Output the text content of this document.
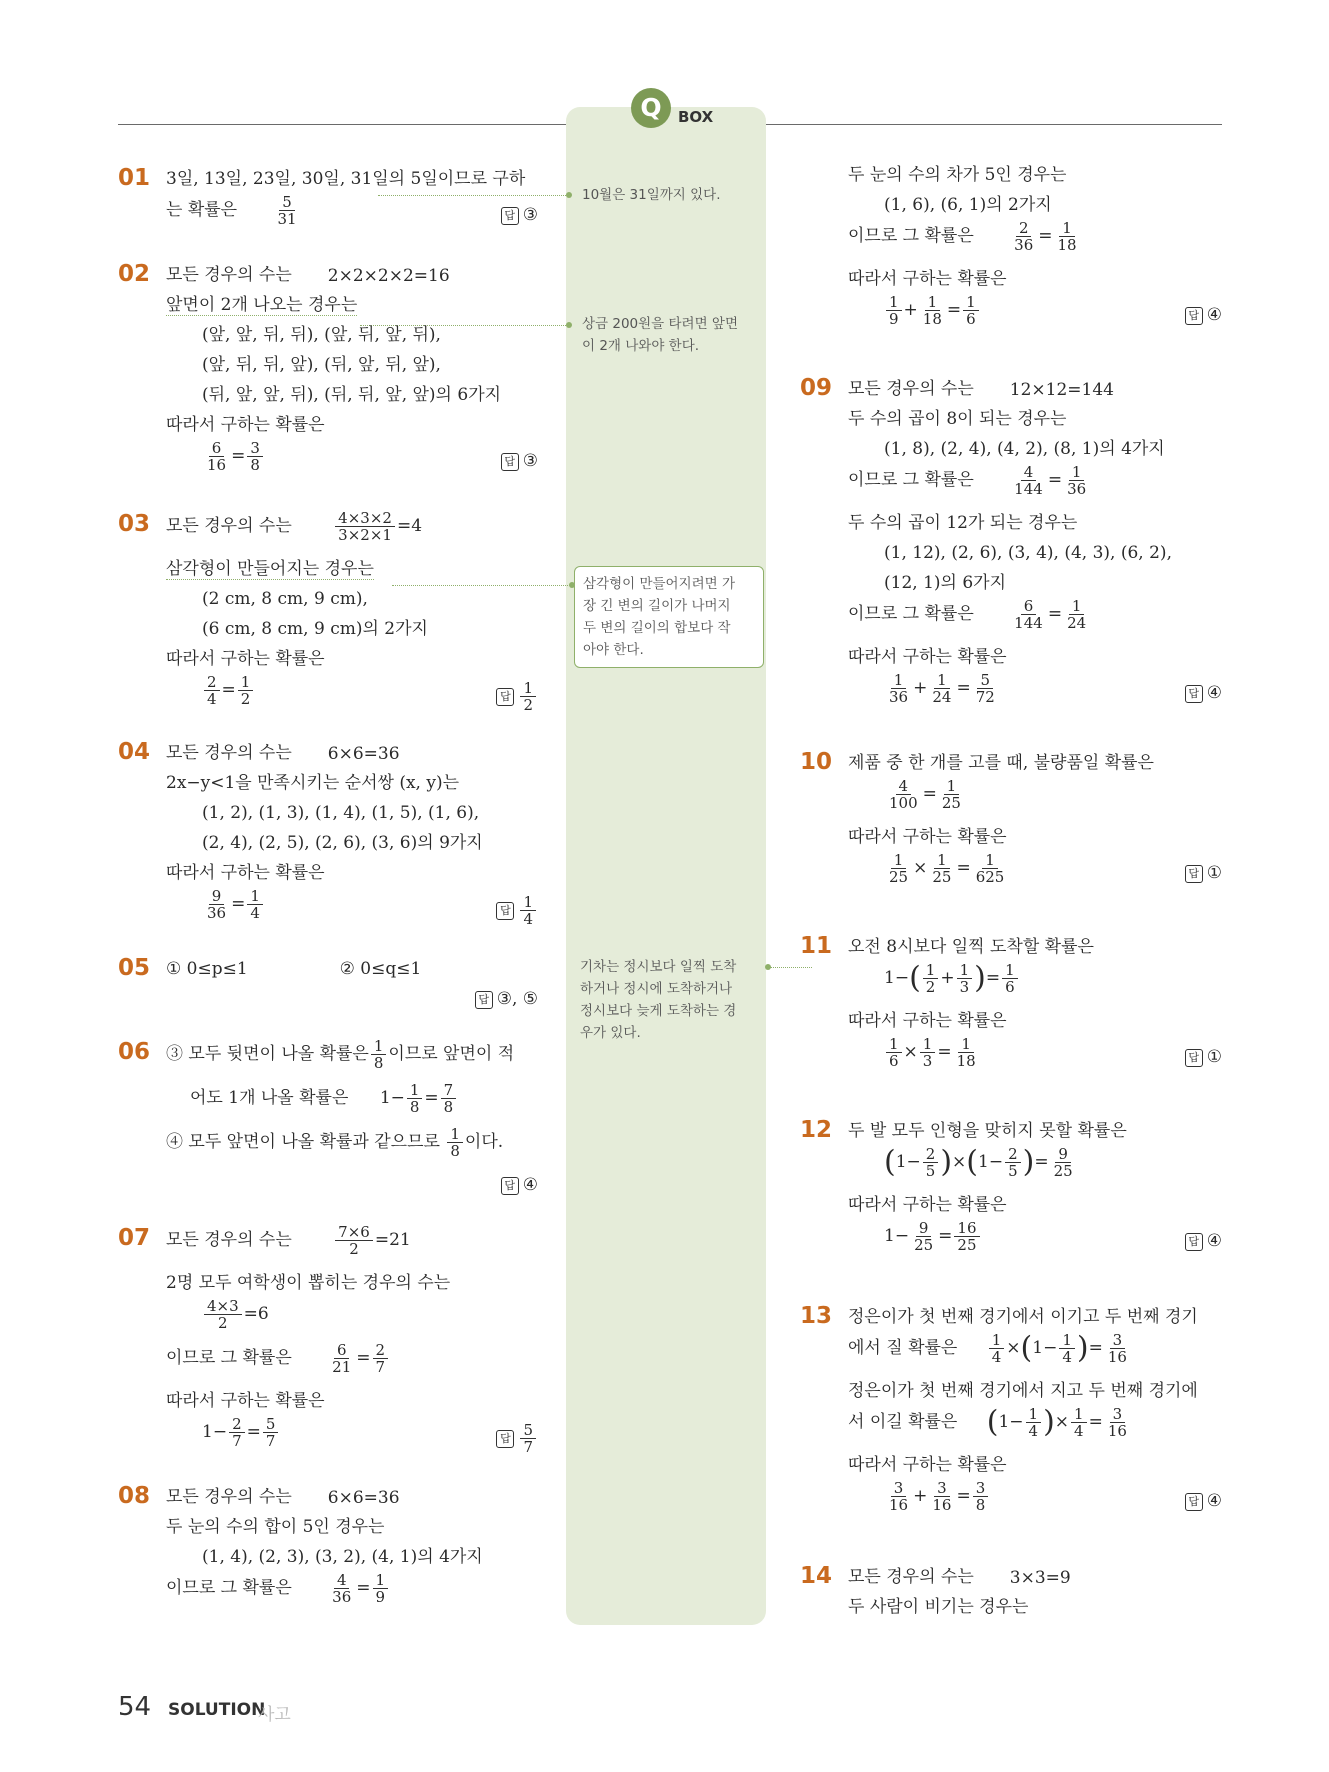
Q	BOX
10월은 31일까지 있다.
상금 200원을 타려면 앞면
이 2개 나와야 한다.
삼각형이 만들어지려면 가
장 긴 변의 길이가 나머지
두 변의 길이의 합보다 작
아야 한다.
기차는 정시보다 일찍 도착
하거나 정시에 도착하거나
정시보다 늦게 도착하는 경
우가 있다.
01 3일, 13일, 23일, 30일, 31일의 5일이므로 구하
는 확률은 $\frac{5}{31}$	답 ③
02 모든 경우의 수는 2×2×2×2=16
앞면이 2개 나오는 경우는
(앞, 앞, 뒤, 뒤), (앞, 뒤, 앞, 뒤),
(앞, 뒤, 뒤, 앞), (뒤, 앞, 뒤, 앞),
(뒤, 앞, 앞, 뒤), (뒤, 뒤, 앞, 앞)의 6가지
따라서 구하는 확률은
$\frac{6}{16} = \frac{3}{8}$	답 ③
03 모든 경우의 수는	$\frac{4\times 3\times 2}{3\times 2\times 1} =4$
삼각형이 만들어지는 경우는
(2 cm, 8 cm, 9 cm),
(6 cm, 8 cm, 9 cm)의 2가지
따라서 구하는 확률은
$\frac{2}{4} = \frac{1}{2}$	답 $\frac{1}{2}$
04 모든 경우의 수는 6×6=36
2x−y<1을 만족시키는 순서쌍 (x, y)는
(1, 2), (1, 3), (1, 4), (1, 5), (1, 6),
(2, 4), (2, 5), (2, 6), (3, 6)의 9가지
따라서 구하는 확률은
$\frac{9}{36} = \frac{1}{4}$	답 $\frac{1}{4}$
05 ① 0≤p≤1	② 0≤q≤1
답 ③, ⑤
06 ③ 모두 뒷면이 나올 확률은 $\frac{1}{8}$ 이므로 앞면이 적
어도 1개 나올 확률은 $1- \frac{1}{8} = \frac{7}{8}$
④ 모두 앞면이 나올 확률과 같으므로 $\frac{1}{8}$ 이다.
답 ④
07 모든 경우의 수는	$\frac{7\times 6}{2} =21$
2명 모두 여학생이 뽑히는 경우의 수는
$\frac{4\times 3}{2} =6$
이므로 그 확률은 $\frac{6}{21} = \frac{2}{7}$
따라서 구하는 확률은
$1- \frac{2}{7} = \frac{5}{7}$	답 $\frac{5}{7}$
08 모든 경우의 수는 6×6=36
두 눈의 수의 합이 5인 경우는
(1, 4), (2, 3), (3, 2), (4, 1)의 4가지
이므로 그 확률은 $\frac{4}{36} = \frac{1}{9}$
두 눈의 수의 차가 5인 경우는
(1, 6), (6, 1)의 2가지
이므로 그 확률은 $\frac{2}{36} = \frac{1}{18}$
따라서 구하는 확률은
$\frac{1}{9} + \frac{1}{18} = \frac{1}{6}$	답 ④
09 모든 경우의 수는 12×12=144
두 수의 곱이 8이 되는 경우는
(1, 8), (2, 4), (4, 2), (8, 1)의 4가지
이므로 그 확률은 $\frac{4}{144} = \frac{1}{36}$
두 수의 곱이 12가 되는 경우는
(1, 12), (2, 6), (3, 4), (4, 3), (6, 2),
(12, 1)의 6가지
이므로 그 확률은 $\frac{6}{144} = \frac{1}{24}$
따라서 구하는 확률은
$\frac{1}{36} + \frac{1}{24} = \frac{5}{72}$	답 ④
10 제품 중 한 개를 고를 때, 불량품일 확률은
$\frac{4}{100} = \frac{1}{25}$
따라서 구하는 확률은
$\frac{1}{25} \times \frac{1}{25} = \frac{1}{625}$	답 ①
11 오전 8시보다 일찍 도착할 확률은
$1-( \frac{1}{2} + \frac{1}{3}$ )= $\frac{1}{6}$
따라서 구하는 확률은
$\frac{1}{6} \times \frac{1}{3} = \frac{1}{18}$	답 ①
12 두 발 모두 인형을 맞히지 못할 확률은
$(1- \frac{2}{5} )\times(1- \frac{2}{5}$ )= $\frac{9}{25}$
따라서 구하는 확률은
$1- \frac{9}{25} = \frac{16}{25}$	답 ④
13 정은이가 첫 번째 경기에서 이기고 두 번째 경기
에서 질 확률은 $\frac{1}{4} \times(1- \frac{1}{4}$ )= $\frac{3}{16}$
정은이가 첫 번째 경기에서 지고 두 번째 경기에
서 이길 확률은 ($1- \frac{1}{4}$ )× $\frac{1}{4} = \frac{3}{16}$
따라서 구하는 확률은
$\frac{3}{16} + \frac{3}{16} = \frac{3}{8}$	답 ④
14 모든 경우의 수는 3×3=9
두 사람이 비기는 경우는
54 SOLUTION
사고
